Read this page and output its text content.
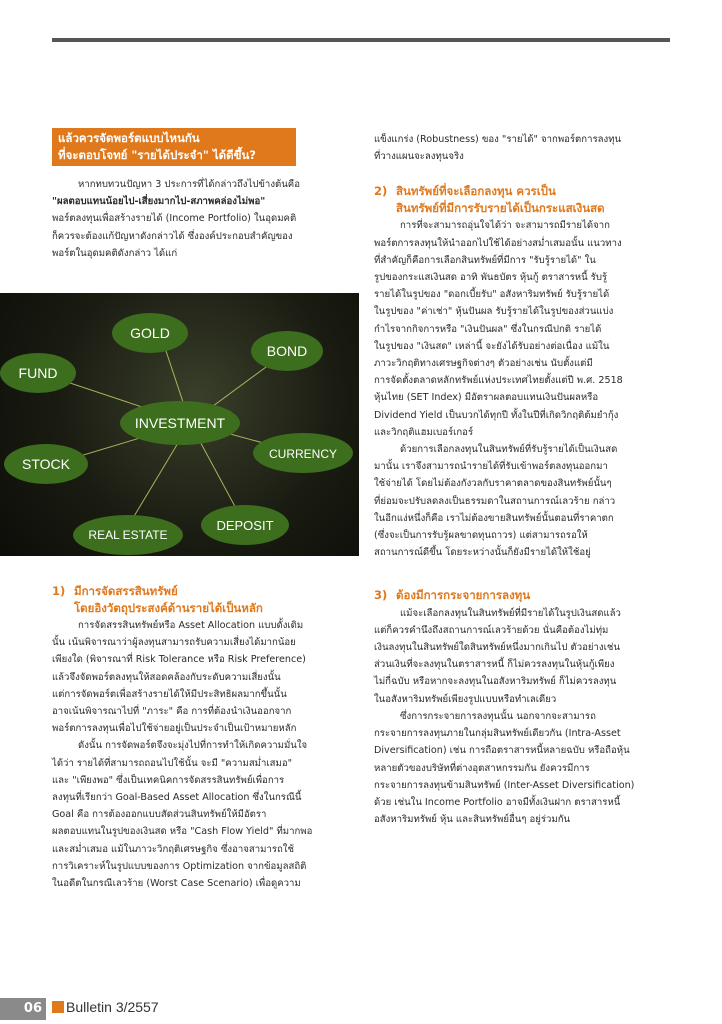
แล้วควรจัดพอร์ตแบบไหนกัน
ที่จะตอบโจทย์ "รายได้ประจำ" ได้ดีขึ้น?

หากทบทวนปัญหา 3 ประการที่ได้กล่าวถึงไปข้างต้นคือ

"ผลตอบแทนน้อยไป-เสี่ยงมากไป-สภาพคล่องไม่พอ"

พอร์ตลงทุนเพื่อสร้างรายได้ (Income Portfolio) ในอุดมคติ

ก็ควรจะต้องแก้ปัญหาดังกล่าวได้ ซึ่งองค์ประกอบสำคัญของ

พอร์ตในอุดมคติดังกล่าว ได้แก่

GOLD
BOND
FUND
INVESTMENT
CURRENCY
STOCK
REAL ESTATE
DEPOSIT
1) มีการจัดสรรสินทรัพย์
โดยอิงวัตถุประสงค์ด้านรายได้เป็นหลัก

การจัดสรรสินทรัพย์หรือ Asset Allocation แบบดั้งเดิม

นั้น เน้นพิจารณาว่าผู้ลงทุนสามารถรับความเสี่ยงได้มากน้อย

เพียงใด (พิจารณาที่ Risk Tolerance หรือ Risk Preference)

แล้วจึงจัดพอร์ตลงทุนให้สอดคล้องกับระดับความเสี่ยงนั้น

แต่การจัดพอร์ตเพื่อสร้างรายได้ให้มีประสิทธิผลมากขึ้นนั้น

อาจเน้นพิจารณาไปที่ "ภาระ" คือ การที่ต้องนำเงินออกจาก

พอร์ตการลงทุนเพื่อไปใช้จ่ายอยู่เป็นประจำเป็นเป้าหมายหลัก

ดังนั้น การจัดพอร์ตจึงจะมุ่งไปที่การทำให้เกิดความมั่นใจ

ได้ว่า รายได้ที่สามารถถอนไปใช้นั้น จะมี "ความสม่ำเสมอ"

และ "เพียงพอ" ซึ่งเป็นเทคนิคการจัดสรรสินทรัพย์เพื่อการ

ลงทุนที่เรียกว่า Goal-Based Asset Allocation ซึ่งในกรณีนี้

Goal คือ การต้องออกแบบสัดส่วนสินทรัพย์ให้มีอัตรา

ผลตอบแทนในรูปของเงินสด หรือ "Cash Flow Yield" ที่มากพอ

และสม่ำเสมอ แม้ในภาวะวิกฤติเศรษฐกิจ ซึ่งอาจสามารถใช้

การวิเคราะห์ในรูปแบบของการ Optimization จากข้อมูลสถิติ

ในอดีตในกรณีเลวร้าย (Worst Case Scenario) เพื่อดูความ

แข็งแกร่ง (Robustness) ของ "รายได้" จากพอร์ตการลงทุน

ที่วางแผนจะลงทุนจริง

2) สินทรัพย์ที่จะเลือกลงทุน ควรเป็น
สินทรัพย์ที่มีการรับรายได้เป็นกระแสเงินสด

การที่จะสามารถอุ่นใจได้ว่า จะสามารถมีรายได้จาก

พอร์ตการลงทุนให้นำออกไปใช้ได้อย่างสม่ำเสมอนั้น แนวทาง

ที่สำคัญก็คือการเลือกสินทรัพย์ที่มีการ "รับรู้รายได้" ใน

รูปของกระแสเงินสด อาทิ พันธบัตร หุ้นกู้ ตราสารหนี้ รับรู้

รายได้ในรูปของ "ดอกเบี้ยรับ" อสังหาริมทรัพย์ รับรู้รายได้

ในรูปของ "ค่าเช่า" หุ้นปันผล รับรู้รายได้ในรูปของส่วนแบ่ง

กำไรจากกิจการหรือ "เงินปันผล" ซึ่งในกรณีปกติ รายได้

ในรูปของ "เงินสด" เหล่านี้ จะยังได้รับอย่างต่อเนื่อง แม้ใน

ภาวะวิกฤติทางเศรษฐกิจต่างๆ ตัวอย่างเช่น นับตั้งแต่มี

การจัดตั้งตลาดหลักทรัพย์แห่งประเทศไทยตั้งแต่ปี พ.ศ. 2518

หุ้นไทย (SET Index) มีอัตราผลตอบแทนเงินปันผลหรือ

Dividend Yield เป็นบวกได้ทุกปี ทั้งในปีที่เกิดวิกฤติต้มยำกุ้ง

และวิกฤติแฮมเบอร์เกอร์

ด้วยการเลือกลงทุนในสินทรัพย์ที่รับรู้รายได้เป็นเงินสด

มานั้น เราจึงสามารถนำรายได้ที่รับเข้าพอร์ตลงทุนออกมา

ใช้จ่ายได้ โดยไม่ต้องกังวลกับราคาตลาดของสินทรัพย์นั้นๆ

ที่ย่อมจะปรับลดลงเป็นธรรมดาในสถานการณ์เลวร้าย กล่าว

ในอีกแง่หนึ่งก็คือ เราไม่ต้องขายสินทรัพย์นั้นตอนที่ราคาตก

(ซึ่งจะเป็นการรับรู้ผลขาดทุนถาวร) แต่สามารถรอให้

สถานการณ์ดีขึ้น โดยระหว่างนั้นก็ยังมีรายได้ให้ใช้อยู่

3) ต้องมีการกระจายการลงทุน

แม้จะเลือกลงทุนในสินทรัพย์ที่มีรายได้ในรูปเงินสดแล้ว

แต่ก็ควรคำนึงถึงสถานการณ์เลวร้ายด้วย นั่นคือต้องไม่ทุ่ม

เงินลงทุนในสินทรัพย์ใดสินทรัพย์หนึ่งมากเกินไป ตัวอย่างเช่น

ส่วนเงินที่จะลงทุนในตราสารหนี้ ก็ไม่ควรลงทุนในหุ้นกู้เพียง

ไม่กี่ฉบับ หรือหากจะลงทุนในอสังหาริมทรัพย์ ก็ไม่ควรลงทุน

ในอสังหาริมทรัพย์เพียงรูปแบบหรือทำเลเดียว

ซึ่งการกระจายการลงทุนนั้น นอกจากจะสามารถ

กระจายการลงทุนภายในกลุ่มสินทรัพย์เดียวกัน (Intra-Asset

Diversification) เช่น การถือตราสารหนี้หลายฉบับ หรือถือหุ้น

หลายตัวของบริษัทที่ต่างอุตสาหกรรมกัน ยังควรมีการ

กระจายการลงทุนข้ามสินทรัพย์ (Inter-Asset Diversification)

ด้วย เช่นใน Income Portfolio อาจมีทั้งเงินฝาก ตราสารหนี้

อสังหาริมทรัพย์ หุ้น และสินทรัพย์อื่นๆ อยู่ร่วมกัน

06	Bulletin 3/2557
